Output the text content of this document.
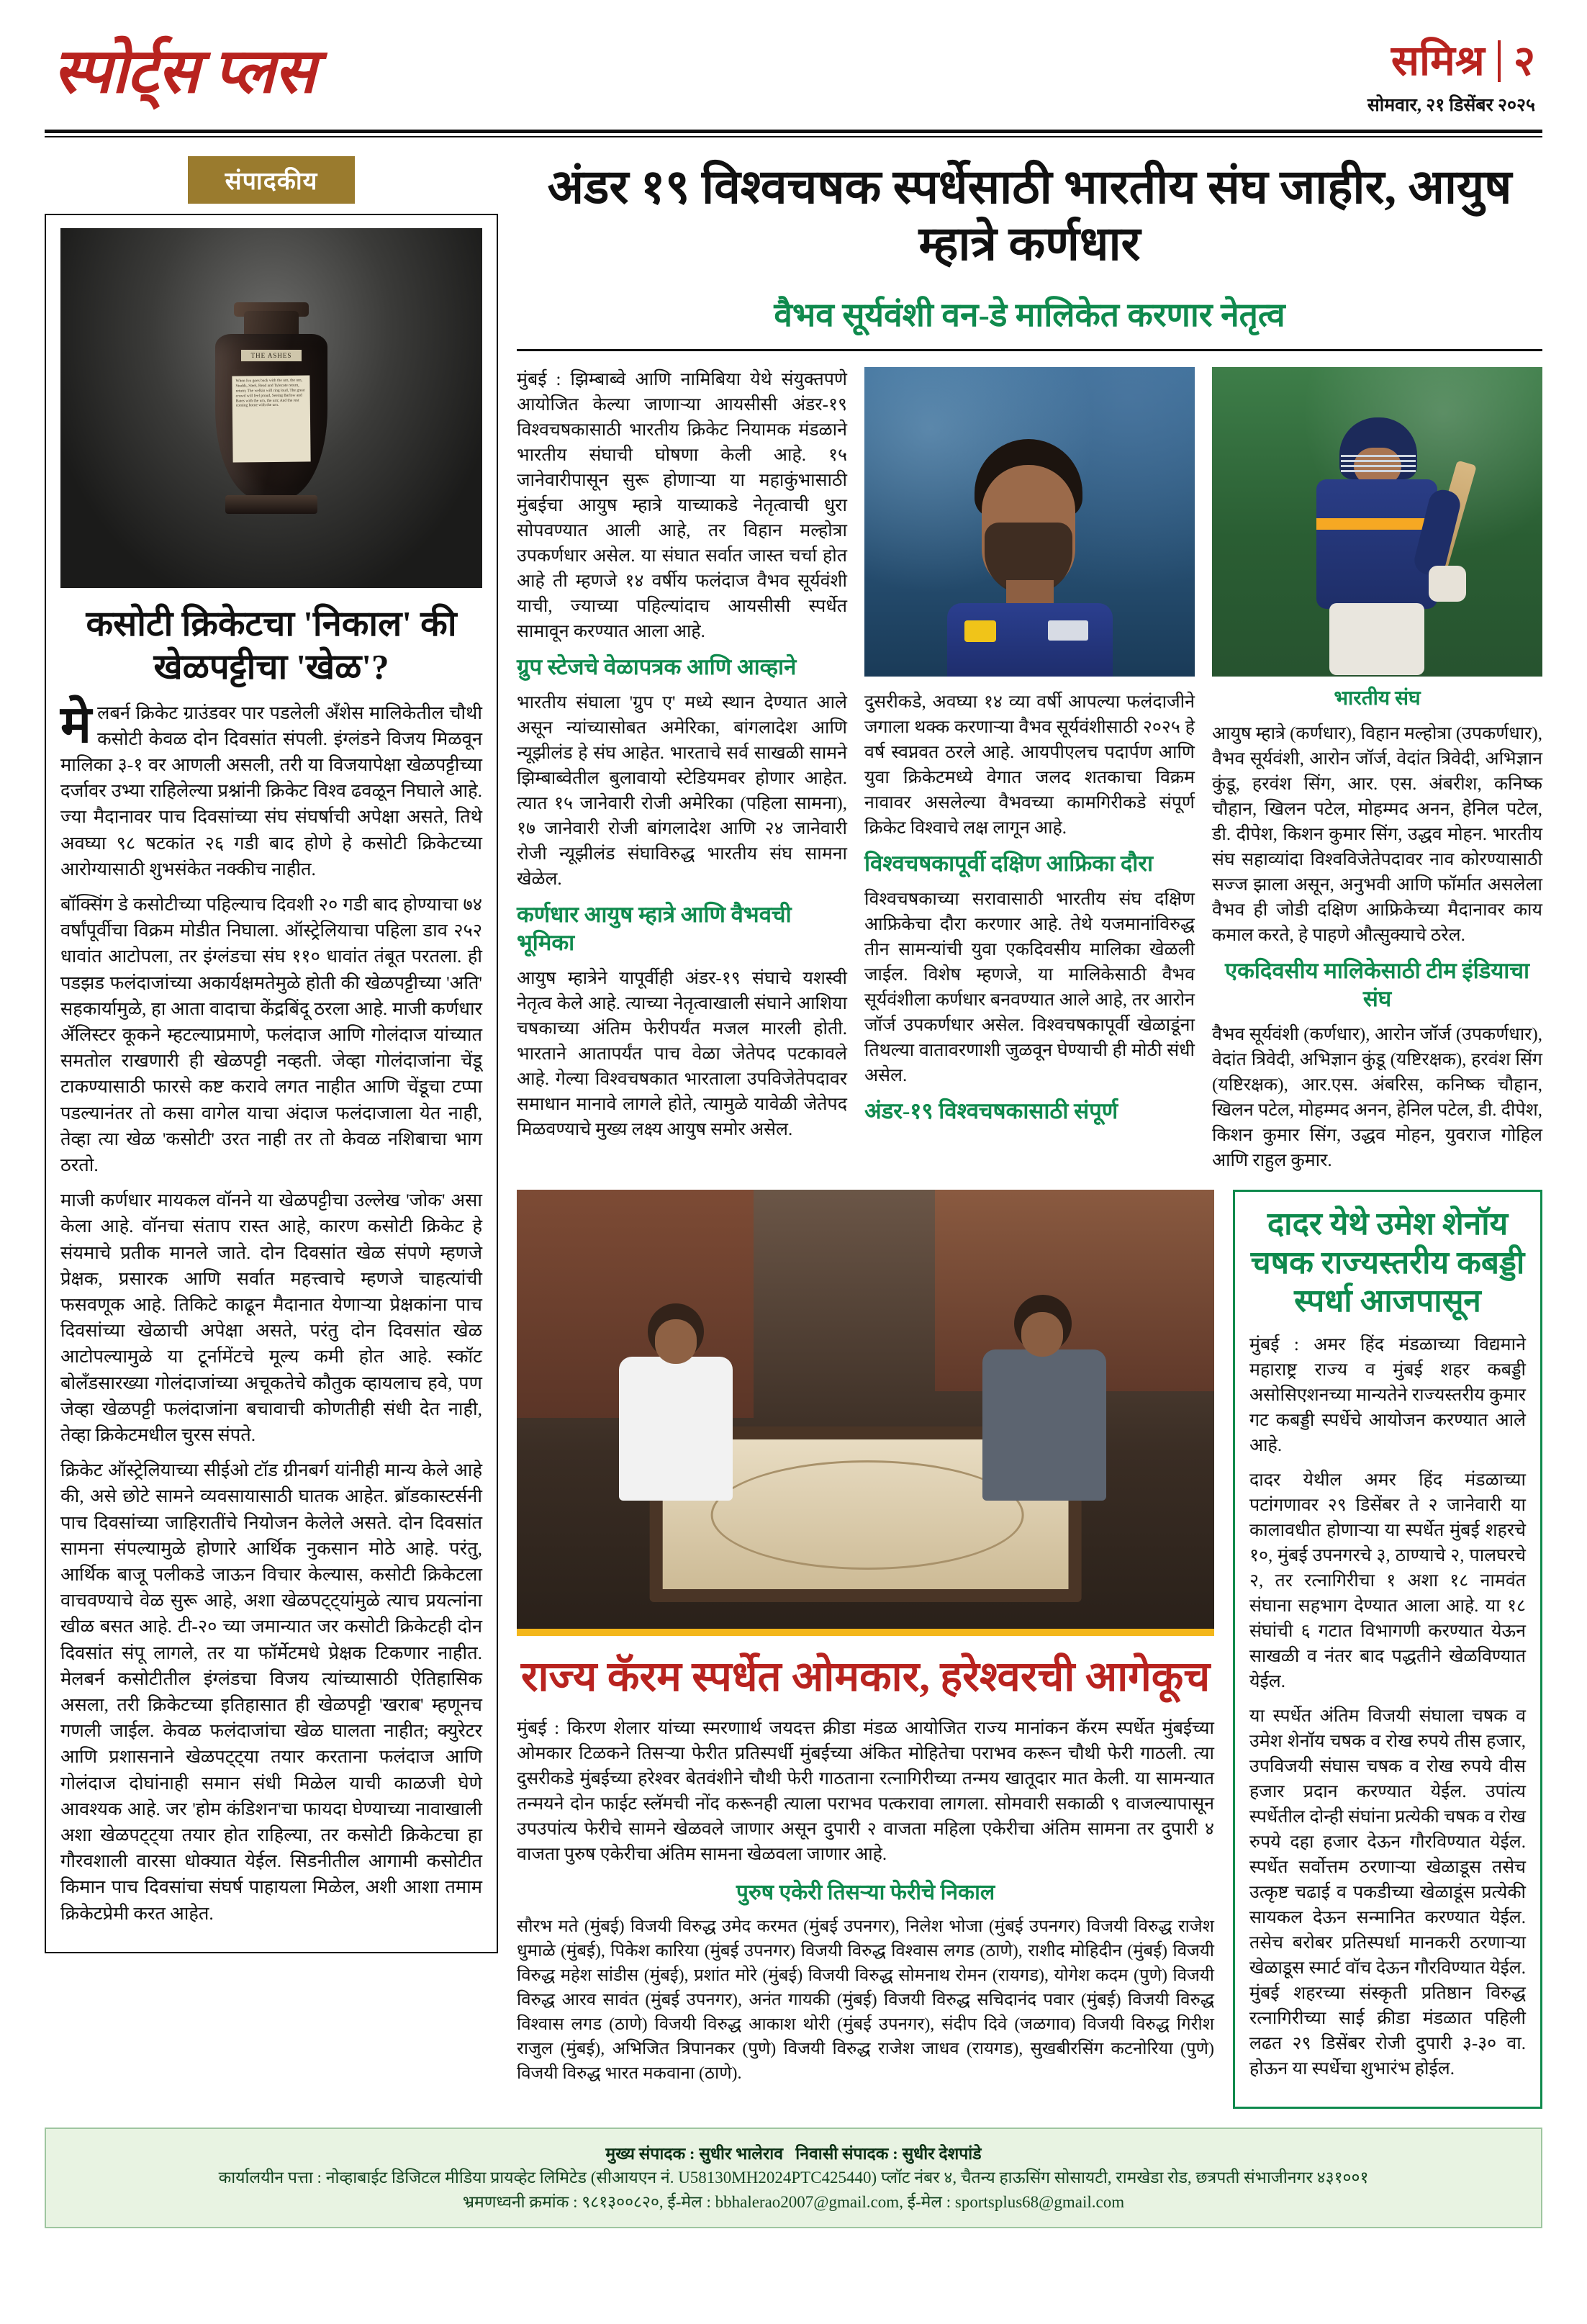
स्पोर्ट्स प्लस	समिश्र २
सोमवार, २१ डिसेंबर २०२५
संपादकीय
THE ASHES
When Ivo goes back with the urn, the urn, Studds, Steel, Read and Tylecote return, return; The welkin will ring loud, The great crowd will feel proud, Seeing Barlow and Bates with the urn, the urn; And the rest coming home with the urn.
कसोटी क्रिकेटचा 'निकाल' की खेळपट्टीचा 'खेळ'?

मेलबर्न क्रिकेट ग्राउंडवर पार पडलेली अँशेस मालिकेतील चौथी कसोटी केवळ दोन दिवसांत संपली. इंग्लंडने विजय मिळवून मालिका ३-१ वर आणली असली, तरी या विजयापेक्षा खेळपट्टीच्या दर्जावर उभ्या राहिलेल्या प्रश्नांनी क्रिकेट विश्व ढवळून निघाले आहे. ज्या मैदानावर पाच दिवसांच्या संघ संघर्षाची अपेक्षा असते, तिथे अवघ्या ९८ षटकांत २६ गडी बाद होणे हे कसोटी क्रिकेटच्या आरोग्यासाठी शुभसंकेत नक्कीच नाहीत.

बॉक्सिंग डे कसोटीच्या पहिल्याच दिवशी २० गडी बाद होण्याचा ७४ वर्षांपूर्वीचा विक्रम मोडीत निघाला. ऑस्ट्रेलियाचा पहिला डाव २५२ धावांत आटोपला, तर इंग्लंडचा संघ ११० धावांत तंबूत परतला. ही पडझड फलंदाजांच्या अकार्यक्षमतेमुळे होती की खेळपट्टीच्या 'अति' सहकार्यामुळे, हा आता वादाचा केंद्रबिंदू ठरला आहे. माजी कर्णधार ॲलिस्टर कूकने म्हटल्याप्रमाणे, फलंदाज आणि गोलंदाज यांच्यात समतोल राखणारी ही खेळपट्टी नव्हती. जेव्हा गोलंदाजांना चेंडू टाकण्यासाठी फारसे कष्ट करावे लगत नाहीत आणि चेंडूचा टप्पा पडल्यानंतर तो कसा वागेल याचा अंदाज फलंदाजाला येत नाही, तेव्हा त्या खेळ 'कसोटी' उरत नाही तर तो केवळ नशिबाचा भाग ठरतो.

माजी कर्णधार मायकल वॉनने या खेळपट्टीचा उल्लेख 'जोक' असा केला आहे. वॉनचा संताप रास्त आहे, कारण कसोटी क्रिकेट हे संयमाचे प्रतीक मानले जाते. दोन दिवसांत खेळ संपणे म्हणजे प्रेक्षक, प्रसारक आणि सर्वात महत्त्वाचे म्हणजे चाहत्यांची फसवणूक आहे. तिकिटे काढून मैदानात येणाऱ्या प्रेक्षकांना पाच दिवसांच्या खेळाची अपेक्षा असते, परंतु दोन दिवसांत खेळ आटोपल्यामुळे या टूर्नामेंटचे मूल्य कमी होत आहे. स्कॉट बोलँडसारख्या गोलंदाजांच्या अचूकतेचे कौतुक व्हायलाच हवे, पण जेव्हा खेळपट्टी फलंदाजांना बचावाची कोणतीही संधी देत नाही, तेव्हा क्रिकेटमधील चुरस संपते.

क्रिकेट ऑस्ट्रेलियाच्या सीईओ टॉड ग्रीनबर्ग यांनीही मान्य केले आहे की, असे छोटे सामने व्यवसायासाठी घातक आहेत. ब्रॉडकास्टर्सनी पाच दिवसांच्या जाहिरातींचे नियोजन केलेले असते. दोन दिवसांत सामना संपल्यामुळे होणारे आर्थिक नुकसान मोठे आहे. परंतु, आर्थिक बाजू पलीकडे जाऊन विचार केल्यास, कसोटी क्रिकेटला वाचवण्याचे वेळ सुरू आहे, अशा खेळपट्ट्यांमुळे त्याच प्रयत्नांना खीळ बसत आहे. टी-२० च्या जमान्यात जर कसोटी क्रिकेटही दोन दिवसांत संपू लागले, तर या फॉर्मेटमधे प्रेक्षक टिकणार नाहीत. मेलबर्न कसोटीतील इंग्लंडचा विजय त्यांच्यासाठी ऐतिहासिक असला, तरी क्रिकेटच्या इतिहासात ही खेळपट्टी 'खराब' म्हणूनच गणली जाईल. केवळ फलंदाजांचा खेळ घालता नाहीत; क्युरेटर आणि प्रशासनाने खेळपट्ट्या तयार करताना फलंदाज आणि गोलंदाज दोघांनाही समान संधी मिळेल याची काळजी घेणे आवश्यक आहे. जर 'होम कंडिशन'चा फायदा घेण्याच्या नावाखाली अशा खेळपट्ट्या तयार होत राहिल्या, तर कसोटी क्रिकेटचा हा गौरवशाली वारसा धोक्यात येईल. सिडनीतील आगामी कसोटीत किमान पाच दिवसांचा संघर्ष पाहायला मिळेल, अशी आशा तमाम क्रिकेटप्रेमी करत आहेत.

अंडर १९ विश्वचषक स्पर्धेसाठी भारतीय संघ जाहीर, आयुष म्हात्रे कर्णधार
वैभव सूर्यवंशी वन-डे मालिकेत करणार नेतृत्व

मुंबई : झिम्बाब्वे आणि नामिबिया येथे संयुक्तपणे आयोजित केल्या जाणाऱ्या आयसीसी अंडर-१९ विश्वचषकासाठी भारतीय क्रिकेट नियामक मंडळाने भारतीय संघाची घोषणा केली आहे. १५ जानेवारीपासून सुरू होणाऱ्या या महाकुंभासाठी मुंबईचा आयुष म्हात्रे याच्याकडे नेतृत्वाची धुरा सोपवण्यात आली आहे, तर विहान मल्होत्रा उपकर्णधार असेल. या संघात सर्वात जास्त चर्चा होत आहे ती म्हणजे १४ वर्षीय फलंदाज वैभव सूर्यवंशी याची, ज्याच्या पहिल्यांदाच आयसीसी स्पर्धेत सामावून करण्यात आला आहे.

ग्रुप स्टेजचे वेळापत्रक आणि आव्हाने

भारतीय संघाला 'ग्रुप ए' मध्ये स्थान देण्यात आले असून न्यांच्यासोबत अमेरिका, बांगलादेश आणि न्यूझीलंड हे संघ आहेत. भारताचे सर्व साखळी सामने झिम्बाब्वेतील बुलावायो स्टेडियमवर होणार आहेत. त्यात १५ जानेवारी रोजी अमेरिका (पहिला सामना), १७ जानेवारी रोजी बांगलादेश आणि २४ जानेवारी रोजी न्यूझीलंड संघाविरुद्ध भारतीय संघ सामना खेळेल.

कर्णधार आयुष म्हात्रे आणि वैभवची भूमिका

आयुष म्हात्रेने यापूर्वीही अंडर-१९ संघाचे यशस्वी नेतृत्व केले आहे. त्याच्या नेतृत्वाखाली संघाने आशिया चषकाच्या अंतिम फेरीपर्यंत मजल मारली होती. भारतानेे आतापर्यंत पाच वेळा जेतेपद पटकावले आहे. गेल्या विश्वचषकात भारताला उपविजेतेपदावर समाधान मानावे लागले होते, त्यामुळे यावेळी जेतेपद मिळवण्याचे मुख्य लक्ष्य आयुष समोर असेल.

दुसरीकडे, अवघ्या १४ व्या वर्षी आपल्या फलंदाजीने जगाला थक्क करणाऱ्या वैभव सूर्यवंशीसाठी २०२५ हे वर्ष स्वप्नवत ठरले आहे. आयपीएलच पदार्पण आणि युवा क्रिकेटमध्ये वेगात जलद शतकाचा विक्रम नावावर असलेल्या वैभवच्या कामगिरीकडे संपूर्ण क्रिकेट विश्वाचे लक्ष लागून आहे.

विश्वचषकापूर्वी दक्षिण आफ्रिका दौरा

विश्वचषकाच्या सरावासाठी भारतीय संघ दक्षिण आफ्रिकेचा दौरा करणार आहे. तेथे यजमानांविरुद्ध तीन सामन्यांची युवा एकदिवसीय मालिका खेळली जाईल. विशेष म्हणजे, या मालिकेसाठी वैभव सूर्यवंशीला कर्णधार बनवण्यात आले आहे, तर आरोन जॉर्ज उपकर्णधार असेल. विश्वचषकापूर्वी खेळाडूंना तिथल्या वातावरणाशी जुळवून घेण्याची ही मोठी संधी असेल.

अंडर-१९ विश्वचषकासाठी संपूर्ण
भारतीय संघ

आयुष म्हात्रे (कर्णधार), विहान मल्होत्रा (उपकर्णधार), वैभव सूर्यवंशी, आरोन जॉर्ज, वेदांत त्रिवेदी, अभिज्ञान कुंडू, हरवंश सिंग, आर. एस. अंबरीश, कनिष्क चौहान, खिलन पटेल, मोहम्मद अनन, हेनिल पटेल, डी. दीपेश, किशन कुमार सिंग, उद्धव मोहन. भारतीय संघ सहाव्यांदा विश्वविजेतेपदावर नाव कोरण्यासाठी सज्ज झाला असून, अनुभवी आणि फॉर्मात असलेला वैभव ही जोडी दक्षिण आफ्रिकेच्या मैदानावर काय कमाल करते, हे पाहणे औत्सुक्याचे ठरेल.

एकदिवसीय मालिकेसाठी टीम इंडियाचा संघ

वैभव सूर्यवंशी (कर्णधार), आरोन जॉर्ज (उपकर्णधार), वेदांत त्रिवेदी, अभिज्ञान कुंडू (यष्टिरक्षक), हरवंश सिंग (यष्टिरक्षक), आर.एस. अंबरिस, कनिष्क चौहान, खिलन पटेल, मोहम्मद अनन, हेनिल पटेल, डी. दीपेश, किशन कुमार सिंग, उद्धव मोहन, युवराज गोहिल आणि राहुल कुमार.

राज्य कॅरम स्पर्धेत ओमकार, हरेश्वरची आगेकूच

मुंबई : किरण शेलार यांच्या स्मरणाार्थ जयदत्त क्रीडा मंडळ आयोजित राज्य मानांकन कॅरम स्पर्धेत मुंबईच्या ओमकार टिळकने तिसऱ्या फेरीत प्रतिस्पर्धी मुंबईच्या अंकित मोहितेचा पराभव करून चौथी फेरी गाठली. त्या दुसरीकडे मुंबईच्या हरेश्वर बेतवंशीने चौथी फेरी गाठताना रत्नागिरीच्या तन्मय खातूदार मात केली. या सामन्यात तन्मयने दोन फाईट स्लॅमची नोंद करूनही त्याला पराभव पत्करावा लागला. सोमवारी सकाळी ९ वाजल्यापासून उपउपांत्य फेरीचे सामने खेळवले जाणार असून दुपारी २ वाजता महिला एकेरीचा अंतिम सामना तर दुपारी ४ वाजता पुरुष एकेरीचा अंतिम सामना खेळवला जाणार आहे.

पुरुष एकेरी तिसऱ्या फेरीचे निकाल
सौरभ मते (मुंबई) विजयी विरुद्ध उमेद करमत (मुंबई उपनगर), निलेश भोजा (मुंबई उपनगर) विजयी विरुद्ध राजेश धुमाळे (मुंबई), पिकेश कारिया (मुंबई उपनगर) विजयी विरुद्ध विश्वास लगड (ठाणे), राशीद मोहिदीन (मुंबई) विजयी विरुद्ध महेश सांडीस (मुंबई), प्रशांत मोरे (मुंबई) विजयी विरुद्ध सोमनाथ रोमन (रायगड), योगेश कदम (पुणे) विजयी विरुद्ध आरव सावंत (मुंबई उपनगर), अनंत गायकी (मुंबई) विजयी विरुद्ध सचिदानंद पवार (मुंबई) विजयी विरुद्ध विश्वास लगड (ठाणे) विजयी विरुद्ध आकाश थोरी (मुंबई उपनगर), संदीप दिवे (जळगाव) विजयी विरुद्ध गिरीश राजुल (मुंबई), अभिजित त्रिपानकर (पुणे) विजयी विरुद्ध राजेश जाधव (रायगड), सुखबीरसिंग कटनोरिया (पुणे) विजयी विरुद्ध भारत मकवाना (ठाणे).
दादर येथे उमेश शेनॉय चषक राज्यस्तरीय कबड्डी स्पर्धा आजपासून

मुंबई : अमर हिंद मंडळाच्या विद्यमाने महाराष्ट्र राज्य व मुंबई शहर कबड्डी असोसिएशनच्या मान्यतेने राज्यस्तरीय कुमार गट कबड्डी स्पर्धेचे आयोजन करण्यात आले आहे.

दादर येथील अमर हिंद मंडळाच्या पटांगणावर २९ डिसेंबर ते २ जानेवारी या कालावधीत होणाऱ्या या स्पर्धेत मुंबई शहरचे १०, मुंबई उपनगरचे ३, ठाण्याचे २, पालघरचे २, तर रत्नागिरीचा १ अशा १८ नामवंत संघाना सहभाग देण्यात आला आहे. या १८ संघांची ६ गटात विभागणी करण्यात येऊन साखळी व नंतर बाद पद्धतीने खेळविण्यात येईल.

या स्पर्धेत अंतिम विजयी संघाला चषक व उमेश शेनॉय चषक व रोख रुपये तीस हजार, उपविजयी संघास चषक व रोख रुपये वीस हजार प्रदान करण्यात येईल. उपांत्य स्पर्धेतील दोन्ही संघांना प्रत्येकी चषक व रोख रुपये दहा हजार देऊन गौरविण्यात येईल. स्पर्धेत सर्वोत्तम ठरणाऱ्या खेळाडूस तसेच उत्कृष्ट चढाई व पकडीच्या खेळाडूंस प्रत्येकी सायकल देऊन सन्मानित करण्यात येईल. तसेच बरोबर प्रतिस्पर्धा मानकरी ठरणाऱ्या खेळाडूस स्मार्ट वॉच देऊन गौरविण्यात येईल. मुंबई शहरच्या संस्कृती प्रतिष्ठान विरुद्ध रत्नागिरीच्या साई क्रीडा मंडळात पहिली लढत २९ डिसेंबर रोजी दुपारी ३-३० वा. होऊन या स्पर्धेचा शुभारंभ होईल.

मुख्य संपादक : सुधीर भालेराव निवासी संपादक : सुधीर देशपांडे
कार्यालयीन पत्ता : नोव्हाबाईट डिजिटल मीडिया प्रायव्हेट लिमिटेड (सीआयएन नं. U58130MH2024PTC425440) प्लॉट नंबर ४, चैतन्य हाऊसिंग सोसायटी, रामखेडा रोड, छत्रपती संभाजीनगर ४३१००१
भ्रमणध्वनी क्रमांक : ९८१३००८२०, ई-मेल : bbhalerao2007@gmail.com, ई-मेल : sportsplus68@gmail.com
